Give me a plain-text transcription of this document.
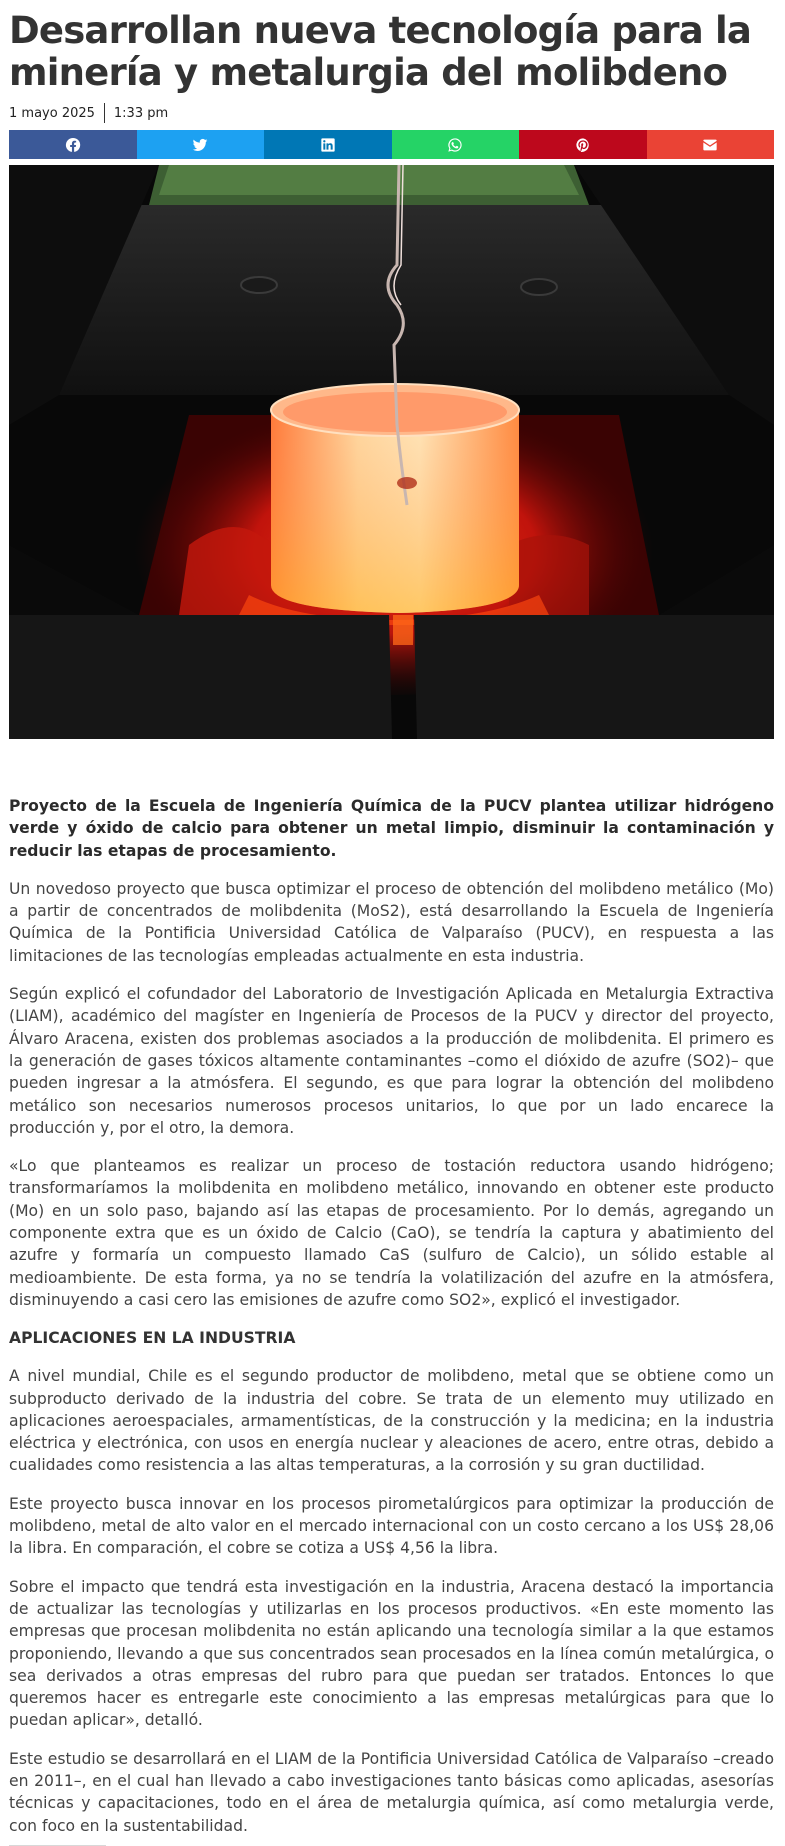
Desarrollan nueva tecnología para la minería y metalurgia del molibdeno
1 mayo 2025 1:33 pm

Proyecto de la Escuela de Ingeniería Química de la PUCV plantea utilizar hidrógeno verde y óxido de calcio para obtener un metal limpio, disminuir la contaminación y reducir las etapas de procesamiento.

Un novedoso proyecto que busca optimizar el proceso de obtención del molibdeno metálico (Mo) a partir de concentrados de molibdenita (MoS2), está desarrollando la Escuela de Ingeniería Química de la Pontificia Universidad Católica de Valparaíso (PUCV), en respuesta a las limitaciones de las tecnologías empleadas actualmente en esta industria.

Según explicó el cofundador del Laboratorio de Investigación Aplicada en Metalurgia Extractiva (LIAM), académico del magíster en Ingeniería de Procesos de la PUCV y director del proyecto, Álvaro Aracena, existen dos problemas asociados a la producción de molibdenita. El primero es la generación de gases tóxicos altamente contaminantes –como el dióxido de azufre (SO2)– que pueden ingresar a la atmósfera. El segundo, es que para lograr la obtención del molibdeno metálico son necesarios numerosos procesos unitarios, lo que por un lado encarece la producción y, por el otro, la demora.

«Lo que planteamos es realizar un proceso de tostación reductora usando hidrógeno; transformaríamos la molibdenita en molibdeno metálico, innovando en obtener este producto (Mo) en un solo paso, bajando así las etapas de procesamiento. Por lo demás, agregando un componente extra que es un óxido de Calcio (CaO), se tendría la captura y abatimiento del azufre y formaría un compuesto llamado CaS (sulfuro de Calcio), un sólido estable al medioambiente. De esta forma, ya no se tendría la volatilización del azufre en la atmósfera, disminuyendo a casi cero las emisiones de azufre como SO2», explicó el investigador.

APLICACIONES EN LA INDUSTRIA

A nivel mundial, Chile es el segundo productor de molibdeno, metal que se obtiene como un subproducto derivado de la industria del cobre. Se trata de un elemento muy utilizado en aplicaciones aeroespaciales, armamentísticas, de la construcción y la medicina; en la industria eléctrica y electrónica, con usos en energía nuclear y aleaciones de acero, entre otras, debido a cualidades como resistencia a las altas temperaturas, a la corrosión y su gran ductilidad.

Este proyecto busca innovar en los procesos pirometalúrgicos para optimizar la producción de molibdeno, metal de alto valor en el mercado internacional con un costo cercano a los US$ 28,06 la libra. En comparación, el cobre se cotiza a US$ 4,56 la libra.

Sobre el impacto que tendrá esta investigación en la industria, Aracena destacó la importancia de actualizar las tecnologías y utilizarlas en los procesos productivos. «En este momento las empresas que procesan molibdenita no están aplicando una tecnología similar a la que estamos proponiendo, llevando a que sus concentrados sean procesados en la línea común metalúrgica, o sea derivados a otras empresas del rubro para que puedan ser tratados. Entonces lo que queremos hacer es entregarle este conocimiento a las empresas metalúrgicas para que lo puedan aplicar», detalló.

Este estudio se desarrollará en el LIAM de la Pontificia Universidad Católica de Valparaíso –creado en 2011–, en el cual han llevado a cabo investigaciones tanto básicas como aplicadas, asesorías técnicas y capacitaciones, todo en el área de metalurgia química, así como metalurgia verde, con foco en la sustentabilidad.
